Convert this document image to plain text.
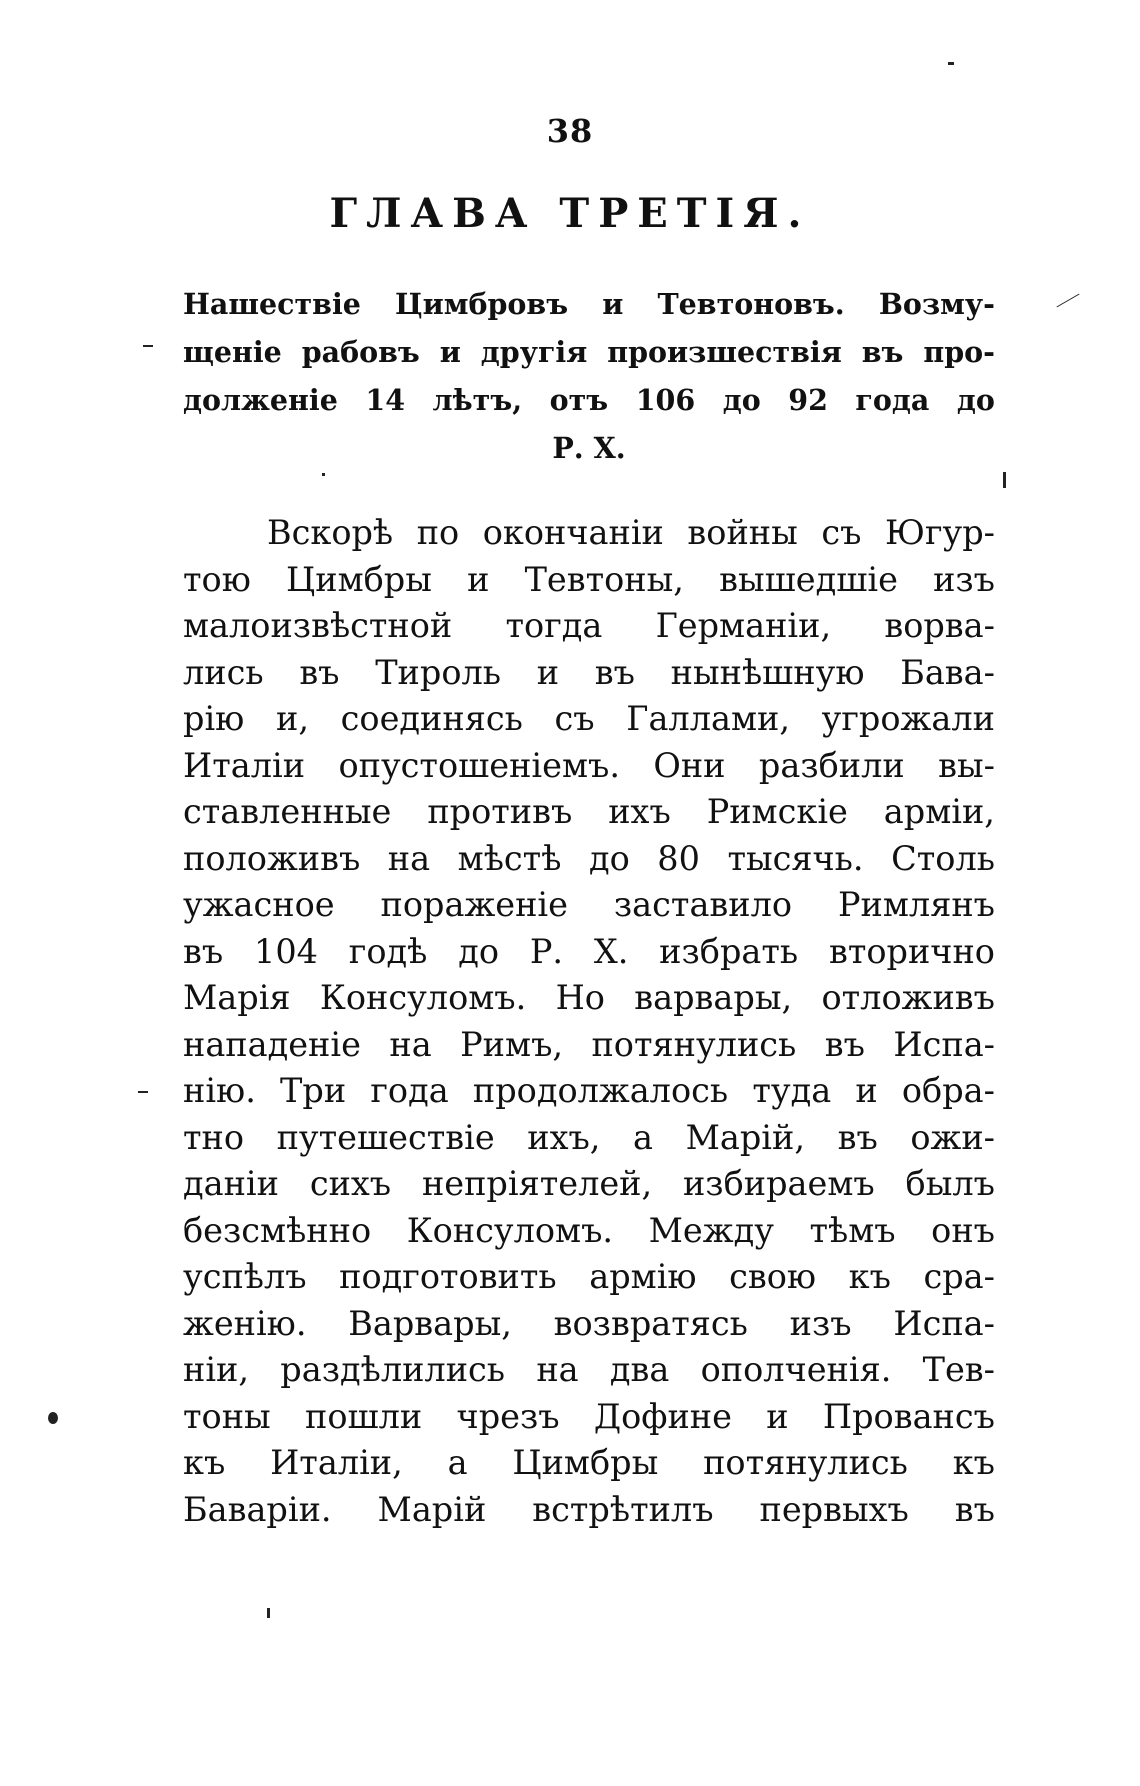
38
ГЛАВА ТРЕТІЯ.
Нашествіе Цимбровъ и Тевтоновъ. Возму-
щеніе рабовъ и другія произшествія въ про-
долженіе 14 лѣтъ, отъ 106 до 92 года до
Р. Х.
Вскорѣ по окончаніи войны съ Югур-
тою Цимбры и Тевтоны, вышедшіе изъ
малоизвѣстной тогда Германіи, ворва-
лись въ Тироль и въ нынѣшную Бава-
рію и, соединясь съ Галлами, угрожали
Италіи опустошеніемъ. Они разбили вы-
ставленные противъ ихъ Римскіе арміи,
положивъ на мѣстѣ до 80 тысячь. Столь
ужасное пораженіе заставило Римлянъ
въ 104 годѣ до Р. Х. избрать вторично
Марія Консуломъ. Но варвары, отложивъ
нападеніе на Римъ, потянулись въ Испа-
нію. Три года продолжалось туда и обра-
тно путешествіе ихъ, а Марій, въ ожи-
даніи сихъ непріятелей, избираемъ былъ
безсмѣнно Консуломъ. Между тѣмъ онъ
успѣлъ подготовить армію свою къ сра-
женію. Варвары, возвратясь изъ Испа-
ніи, раздѣлились на два ополченія. Тев-
тоны пошли чрезъ Дофине и Провансъ
къ Италіи, а Цимбры потянулись къ
Баваріи. Марій встрѣтилъ первыхъ въ
